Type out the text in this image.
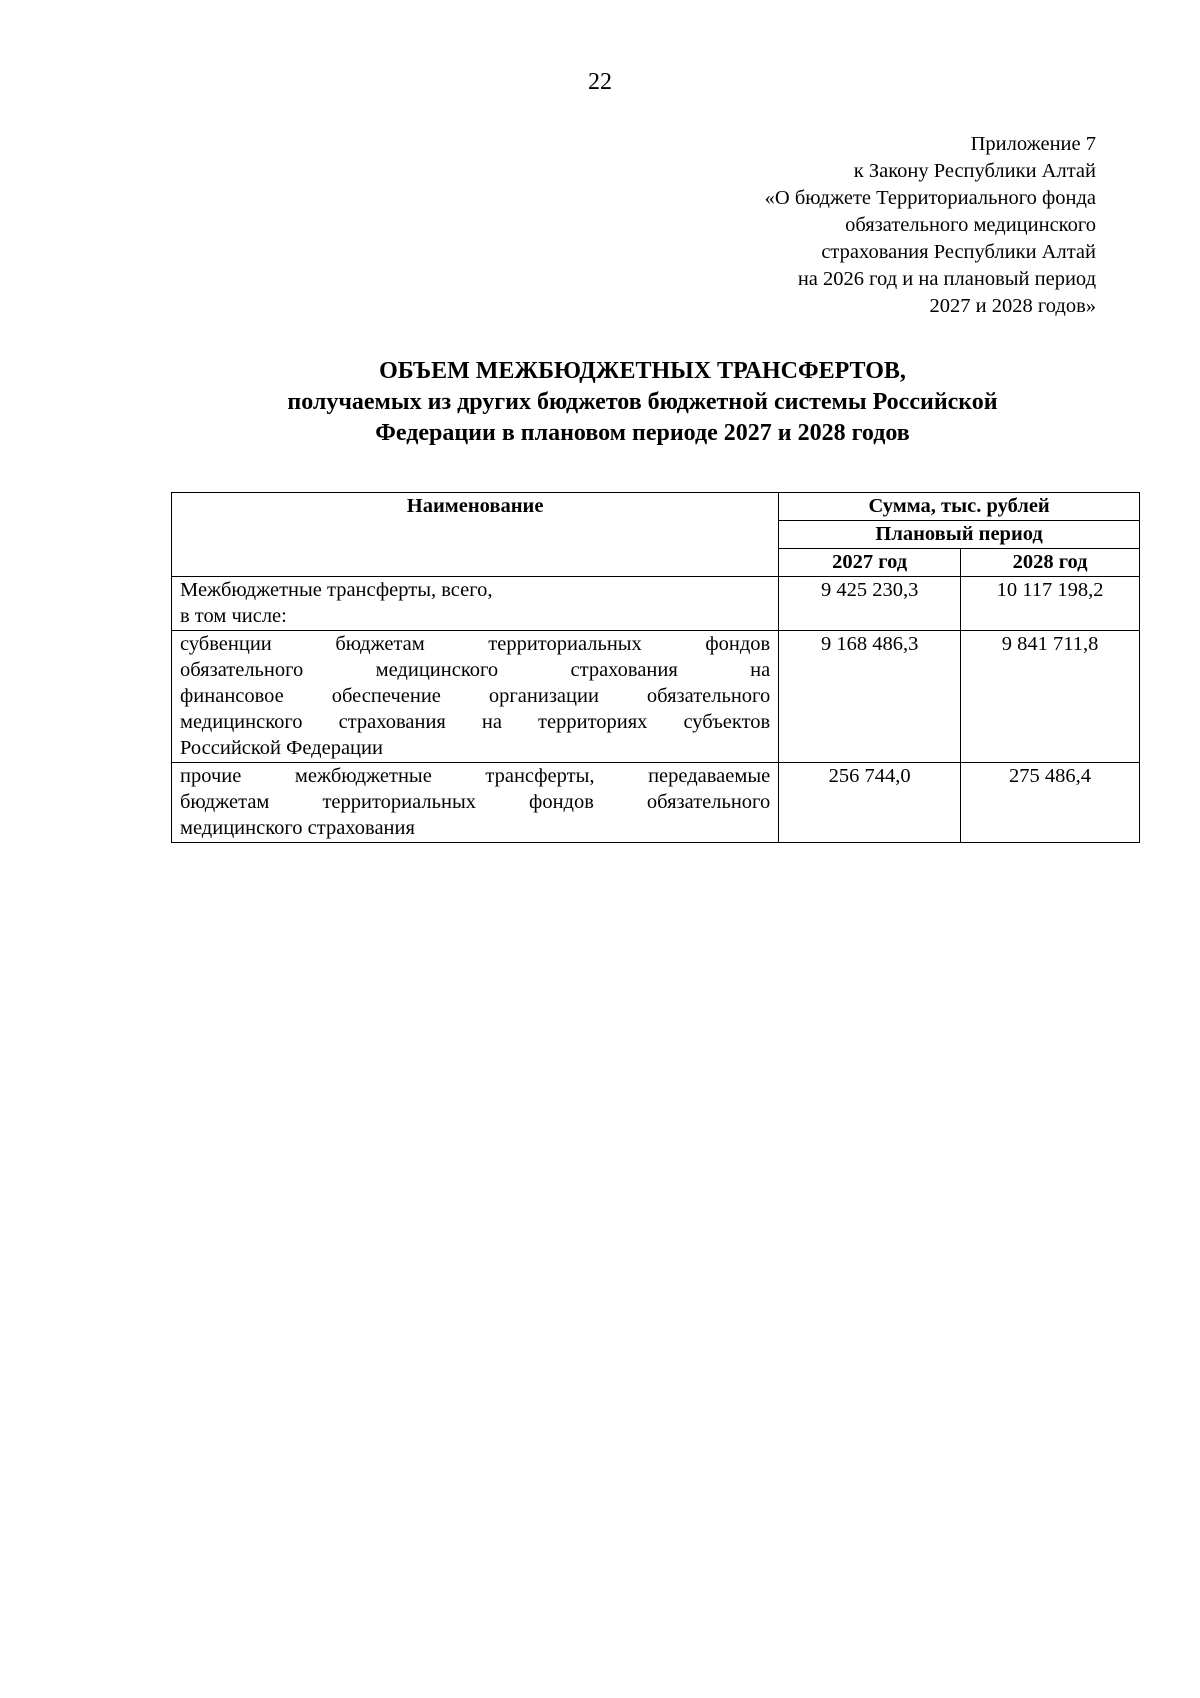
22
Приложение 7
к Закону Республики Алтай
«О бюджете Территориального фонда
обязательного медицинского
страхования Республики Алтай
на 2026 год и на плановый период
2027 и 2028 годов»
ОБЪЕМ МЕЖБЮДЖЕТНЫХ ТРАНСФЕРТОВ,
получаемых из других бюджетов бюджетной системы Российской
Федерации в плановом периоде 2027 и 2028 годов
Наименование	Сумма, тыс. рублей	
	Плановый период	
	2027 год	2028 год

Межбюджетные трансферты, всего,
в том числе:	9 425 230,3	10 117 198,2

субвенции бюджетам территориальных фондов
обязательного медицинского страхования на
финансовое обеспечение организации обязательного
медицинского страхования на территориях субъектов
Российской Федерации	9 168 486,3	9 841 711,8

прочие межбюджетные трансферты, передаваемые
бюджетам территориальных фондов обязательного
медицинского страхования	256 744,0	275 486,4
